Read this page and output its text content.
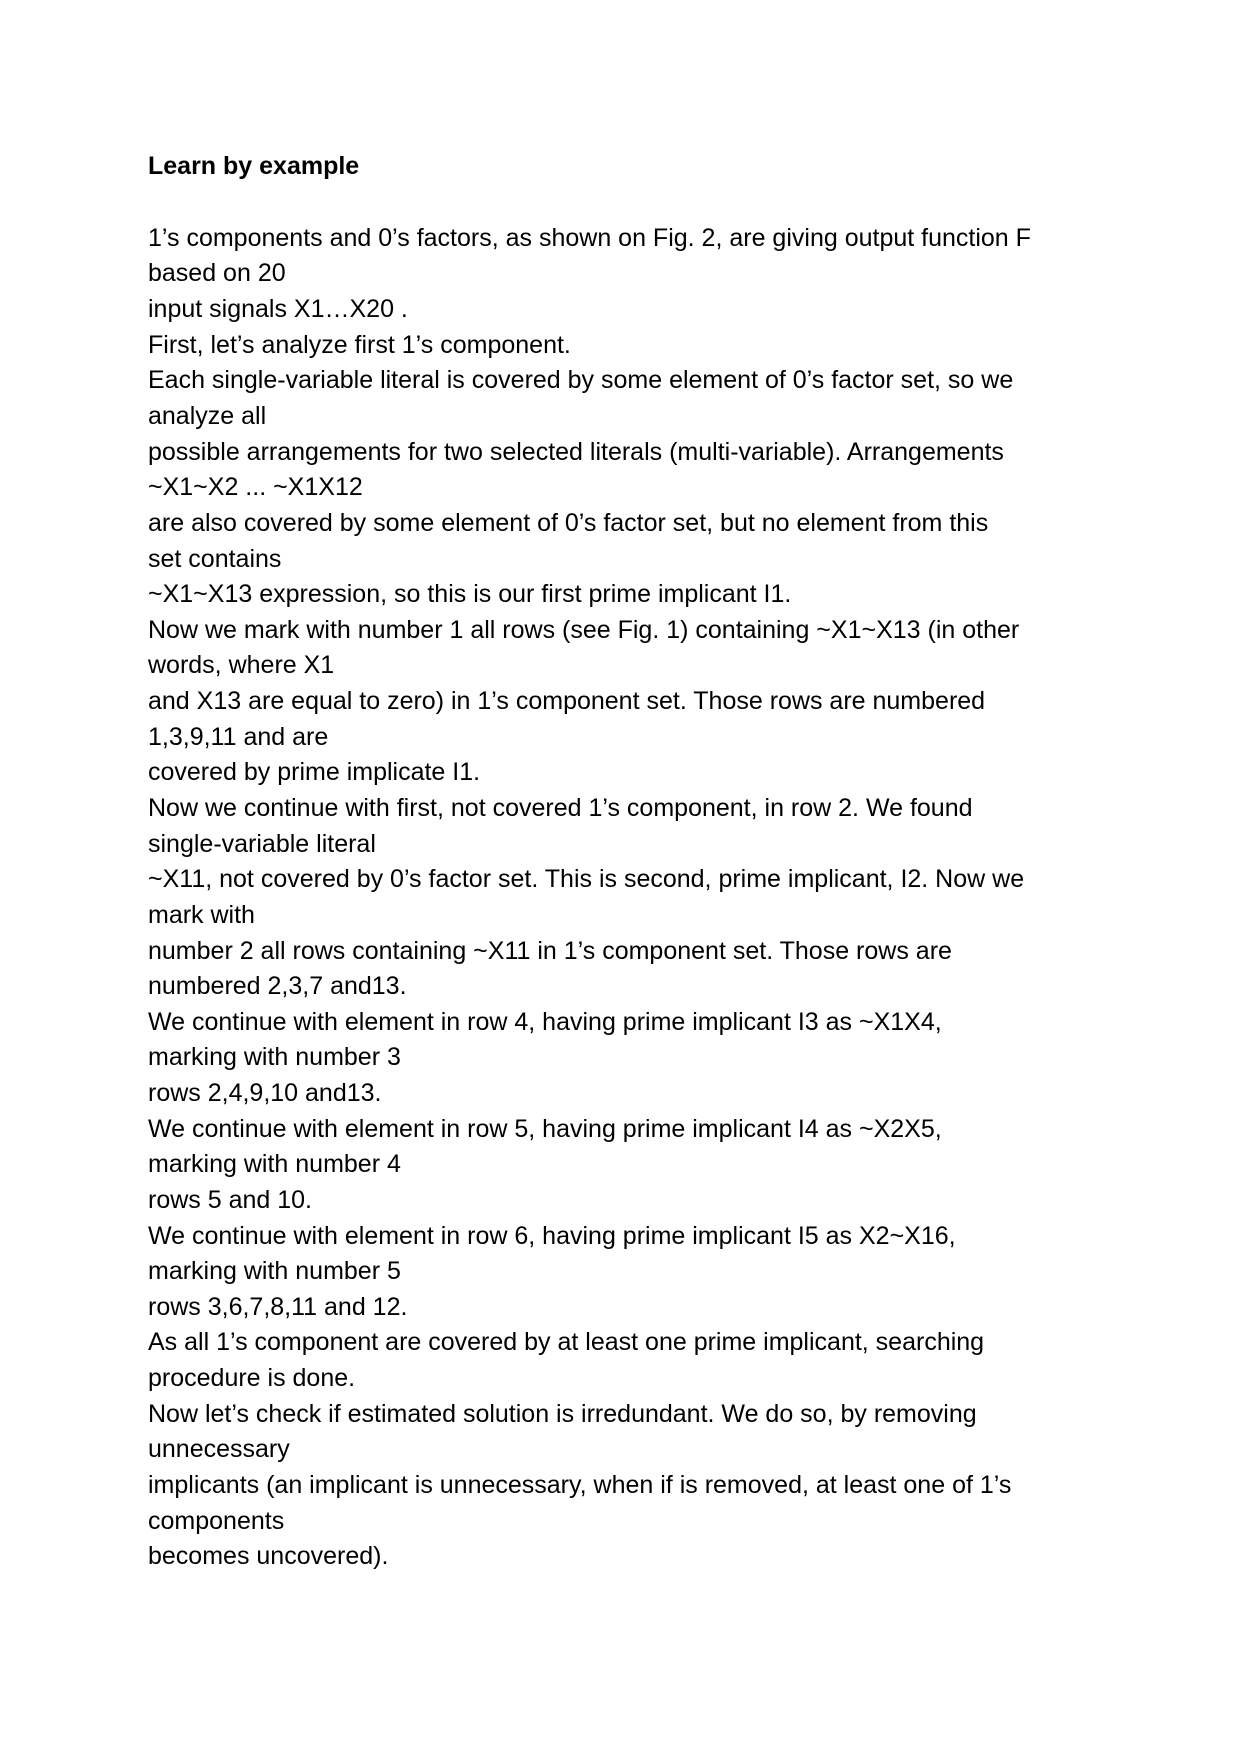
Learn by example
1’s components and 0’s factors, as shown on Fig. 2, are giving output function F
based on 20
input signals X1…X20 .
First, let’s analyze first 1’s component.
Each single-variable literal is covered by some element of 0’s factor set, so we
analyze all
possible arrangements for two selected literals (multi-variable). Arrangements
~X1~X2 ... ~X1X12
are also covered by some element of 0’s factor set, but no element from this
set contains
~X1~X13 expression, so this is our first prime implicant I1.
Now we mark with number 1 all rows (see Fig. 1) containing ~X1~X13 (in other
words, where X1
and X13 are equal to zero) in 1’s component set. Those rows are numbered
1,3,9,11 and are
covered by prime implicate I1.
Now we continue with first, not covered 1’s component, in row 2. We found
single-variable literal
~X11, not covered by 0’s factor set. This is second, prime implicant, I2. Now we
mark with
number 2 all rows containing ~X11 in 1’s component set. Those rows are
numbered 2,3,7 and13.
We continue with element in row 4, having prime implicant I3 as ~X1X4,
marking with number 3
rows 2,4,9,10 and13.
We continue with element in row 5, having prime implicant I4 as ~X2X5,
marking with number 4
rows 5 and 10.
We continue with element in row 6, having prime implicant I5 as X2~X16,
marking with number 5
rows 3,6,7,8,11 and 12.
As all 1’s component are covered by at least one prime implicant, searching
procedure is done.
Now let’s check if estimated solution is irredundant. We do so, by removing
unnecessary
implicants (an implicant is unnecessary, when if is removed, at least one of 1’s
components
becomes uncovered).
